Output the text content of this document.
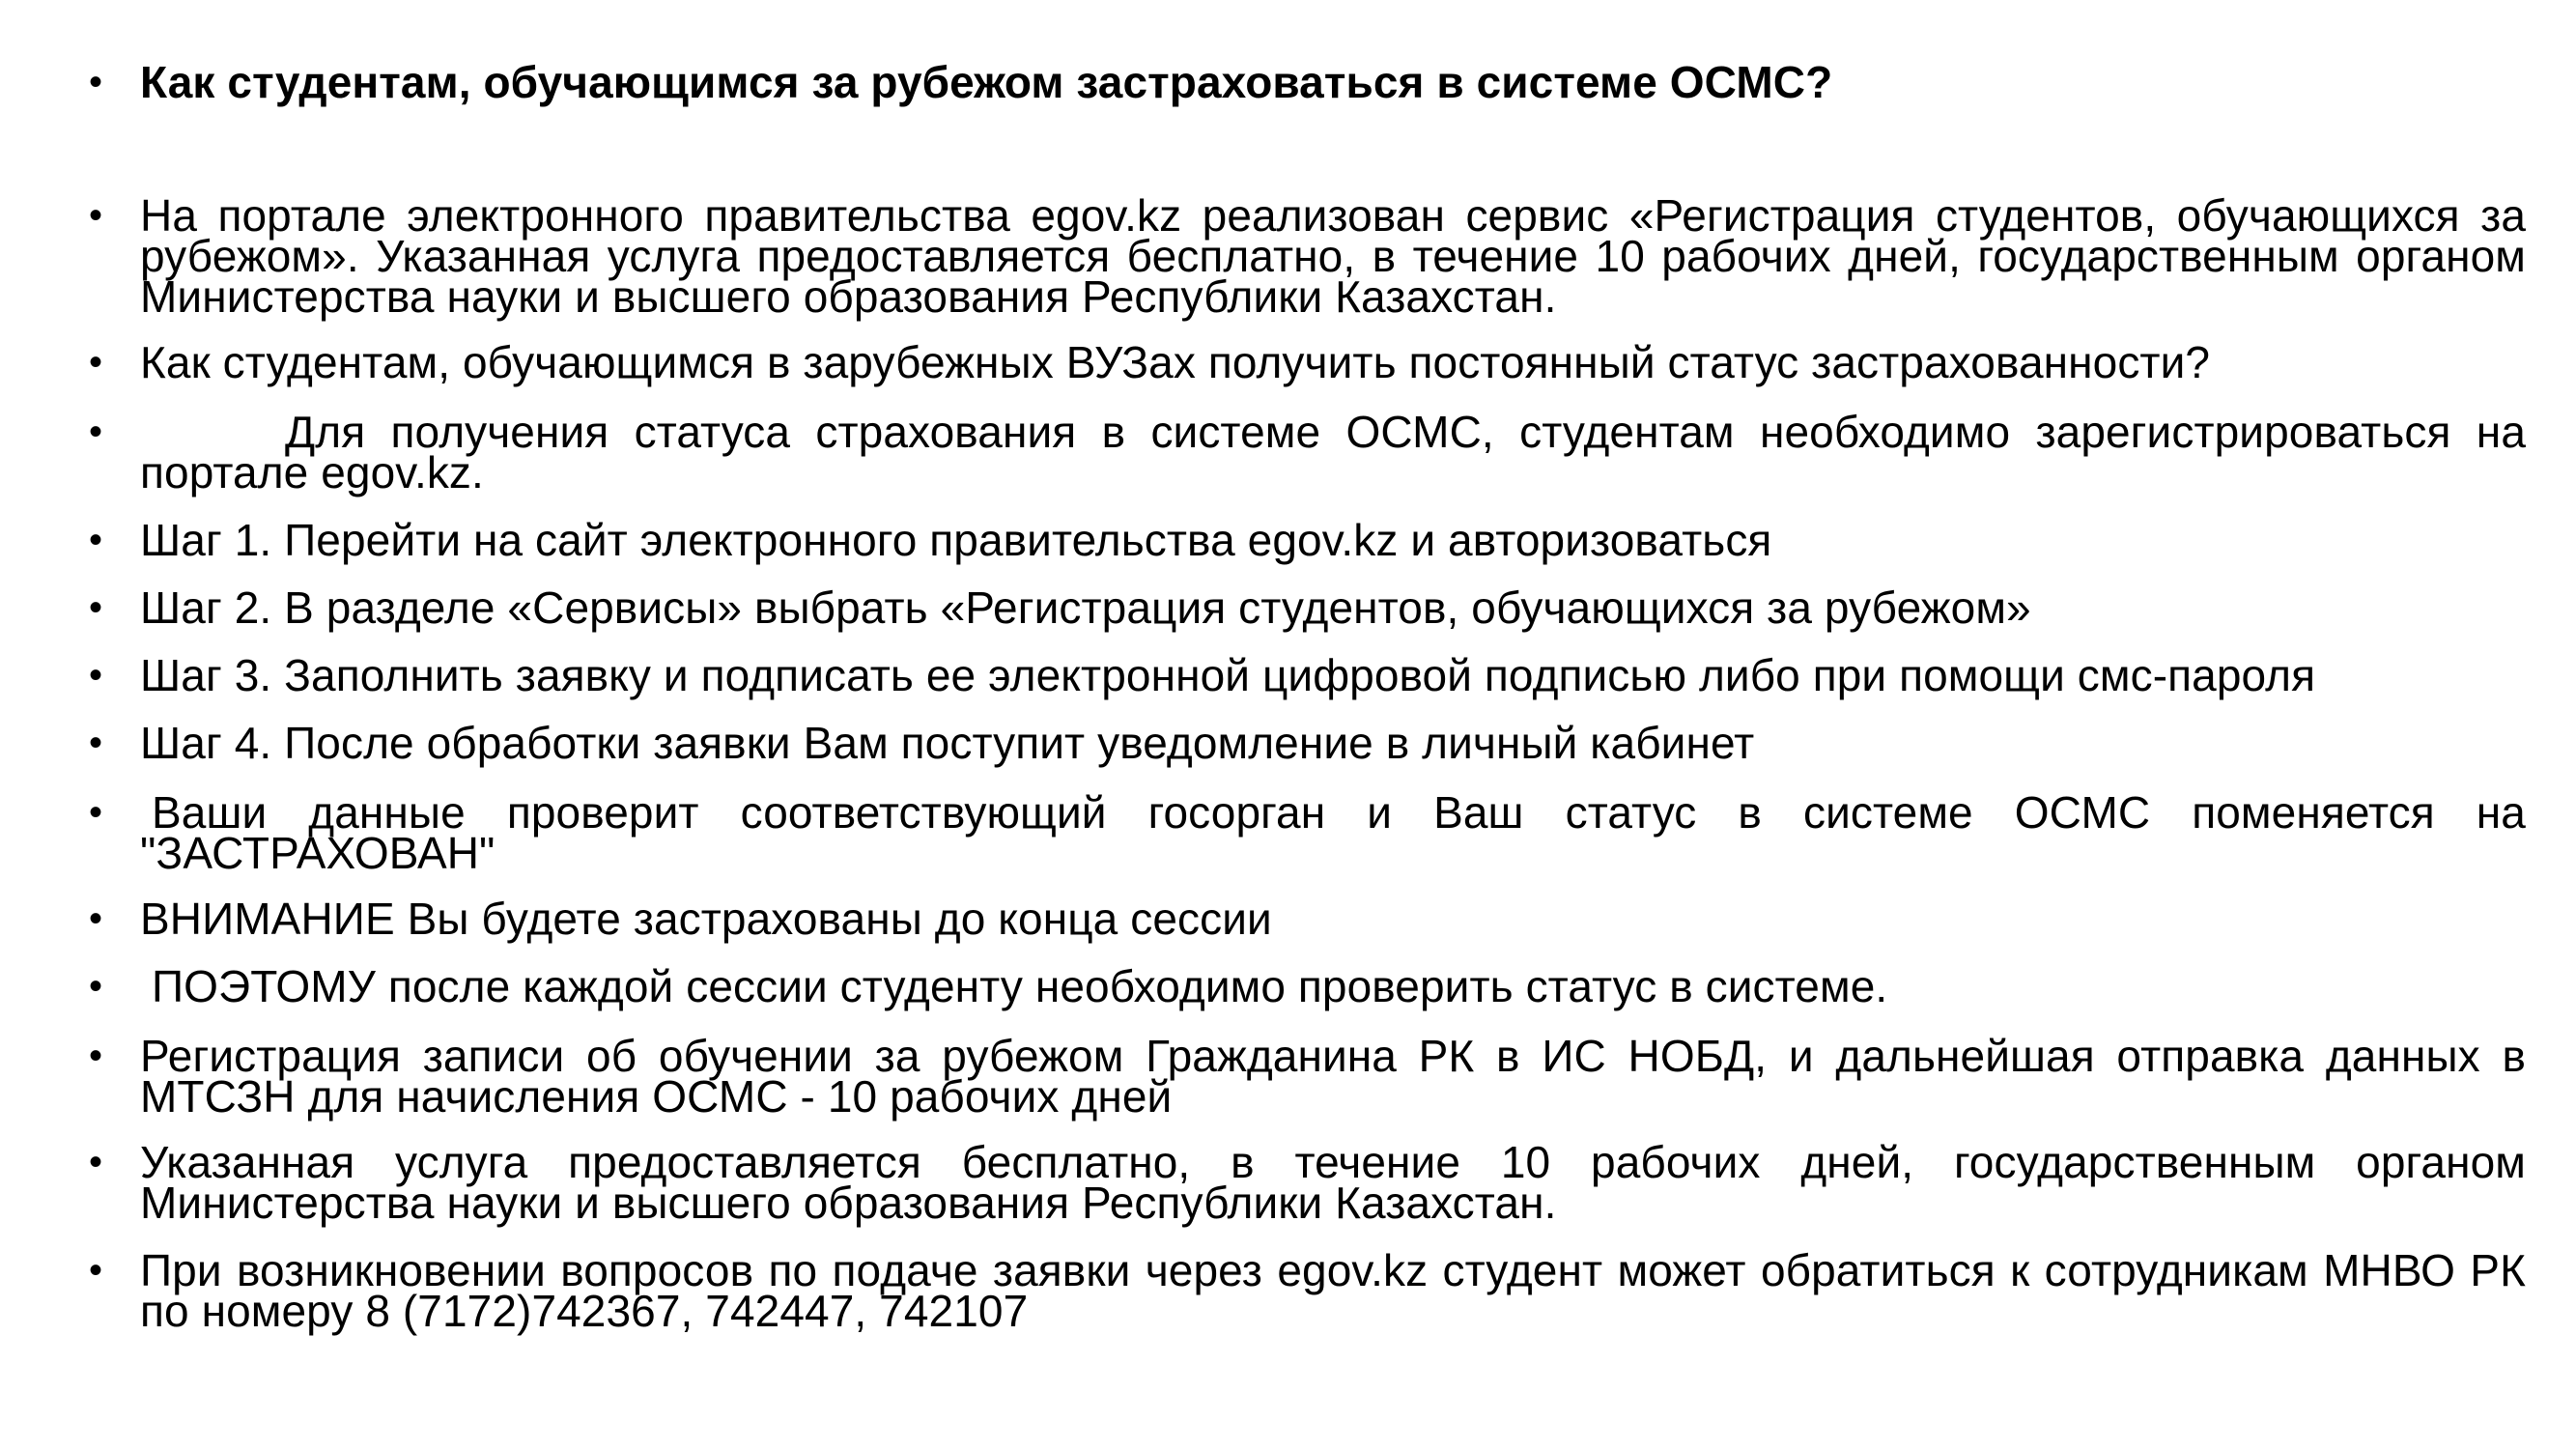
• Как студентам, обучающимся за рубежом застраховаться в системе ОСМС?
• На портале электронного правительства egov.kz реализован сервис «Регистрация студентов, обучающихся за рубежом». Указанная услуга предоставляется бесплатно, в течение 10 рабочих дней, государственным органом Министерства науки и высшего образования Республики Казахстан.
• Как студентам, обучающимся в зарубежных ВУЗах получить постоянный статус застрахованности?
•	Для получения статуса страхования в системе ОСМС, студентам необходимо зарегистрироваться на портале egov.kz.
• Шаг 1. Перейти на сайт электронного правительства egov.kz и авторизоваться
• Шаг 2. В разделе «Сервисы» выбрать «Регистрация студентов, обучающихся за рубежом»
• Шаг 3. Заполнить заявку и подписать ее электронной цифровой подписью либо при помощи смс-пароля
• Шаг 4. После обработки заявки Вам поступит уведомление в личный кабинет
• Ваши данные проверит соответствующий госорган и Ваш статус в системе ОСМС поменяется на "ЗАСТРАХОВАН"
• ВНИМАНИЕ Вы будете застрахованы до конца сессии
• ПОЭТОМУ после каждой сессии студенту необходимо проверить статус в системе.
• Регистрация записи об обучении за рубежом Гражданина РК в ИС НОБД, и дальнейшая отправка данных в МТСЗН для начисления ОСМС - 10 рабочих дней
• Указанная услуга предоставляется бесплатно, в течение 10 рабочих дней, государственным органом Министерства науки и высшего образования Республики Казахстан.
• При возникновении вопросов по подаче заявки через egov.kz студент может обратиться к сотрудникам МНВО РК по номеру 8 (7172)742367, 742447, 742107
